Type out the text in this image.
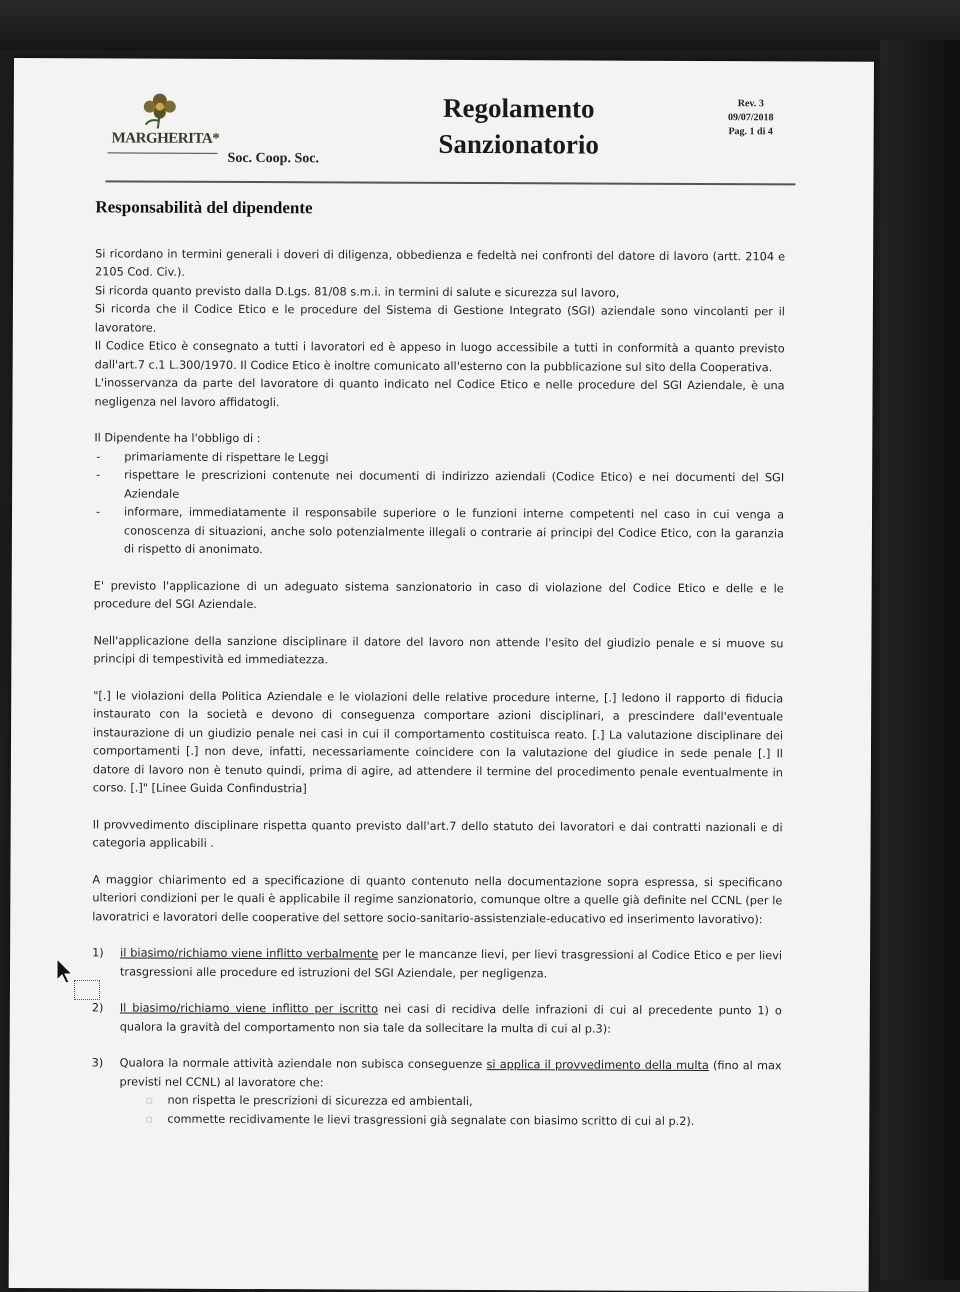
MARGHERITA*
Soc. Coop. Soc.
Regolamento
Sanzionatorio
Rev. 3
09/07/2018
Pag. 1 di 4
Responsabilità del dipendente

Si ricordano in termini generali i doveri di diligenza, obbedienza e fedeltà nei confronti del datore di lavoro (artt. 2104 e 2105 Cod. Civ.).

Si ricorda quanto previsto dalla D.Lgs. 81/08 s.m.i. in termini di salute e sicurezza sul lavoro,

Si ricorda che il Codice Etico e le procedure del Sistema di Gestione Integrato (SGI) aziendale sono vincolanti per il lavoratore.

Il Codice Etico è consegnato a tutti i lavoratori ed è appeso in luogo accessibile a tutti in conformità a quanto previsto dall'art.7 c.1 L.300/1970. Il Codice Etico è inoltre comunicato all'esterno con la pubblicazione sul sito della Cooperativa.

L'inosservanza da parte del lavoratore di quanto indicato nel Codice Etico e nelle procedure del SGI Aziendale, è una negligenza nel lavoro affidatogli.

Il Dipendente ha l'obbligo di :

- primariamente di rispettare le Leggi
- rispettare le prescrizioni contenute nei documenti di indirizzo aziendali (Codice Etico) e nei documenti del SGI Aziendale
- informare, immediatamente il responsabile superiore o le funzioni interne competenti nel caso in cui venga a conoscenza di situazioni, anche solo potenzialmente illegali o contrarie ai principi del Codice Etico, con la garanzia di rispetto di anonimato.

E' previsto l'applicazione di un adeguato sistema sanzionatorio in caso di violazione del Codice Etico e delle e le procedure del SGI Aziendale.

Nell'applicazione della sanzione disciplinare il datore del lavoro non attende l'esito del giudizio penale e si muove su principi di tempestività ed immediatezza.

"[.] le violazioni della Politica Aziendale e le violazioni delle relative procedure interne, [.] ledono il rapporto di fiducia instaurato con la società e devono di conseguenza comportare azioni disciplinari, a prescindere dall'eventuale instaurazione di un giudizio penale nei casi in cui il comportamento costituisca reato. [.] La valutazione disciplinare dei comportamenti [.] non deve, infatti, necessariamente coincidere con la valutazione del giudice in sede penale [.] Il datore di lavoro non è tenuto quindi, prima di agire, ad attendere il termine del procedimento penale eventualmente in corso. [.]" [Linee Guida Confindustria]

Il provvedimento disciplinare rispetta quanto previsto dall'art.7 dello statuto dei lavoratori e dai contratti nazionali e di categoria applicabili .

A maggior chiarimento ed a specificazione di quanto contenuto nella documentazione sopra espressa, si specificano ulteriori condizioni per le quali è applicabile il regime sanzionatorio, comunque oltre a quelle già definite nel CCNL (per le lavoratrici e lavoratori delle cooperative del settore socio-sanitario-assistenziale-educativo ed inserimento lavorativo):

1) il biasimo/richiamo viene inflitto verbalmente per le mancanze lievi, per lievi trasgressioni al Codice Etico e per lievi trasgressioni alle procedure ed istruzioni del SGI Aziendale, per negligenza.
2) Il biasimo/richiamo viene inflitto per iscritto nei casi di recidiva delle infrazioni di cui al precedente punto 1) o qualora la gravità del comportamento non sia tale da sollecitare la multa di cui al p.3):
3) Qualora la normale attività aziendale non subisca conseguenze si applica il provvedimento della multa (fino al max previsti nel CCNL) al lavoratore che:
▫ non rispetta le prescrizioni di sicurezza ed ambientali,
▫ commette recidivamente le lievi trasgressioni già segnalate con biasimo scritto di cui al p.2).
